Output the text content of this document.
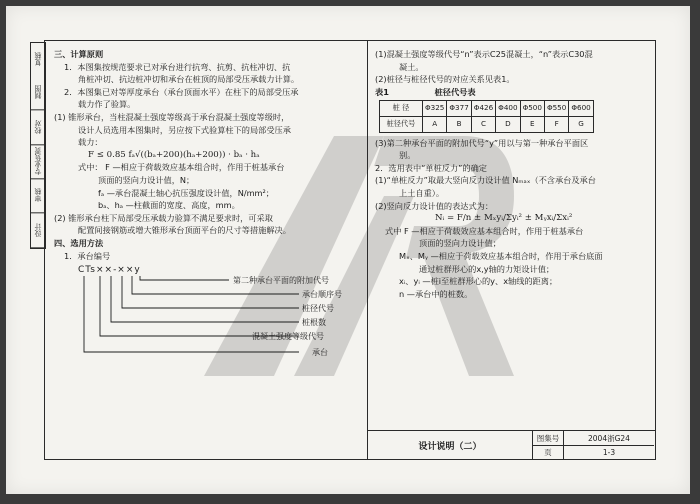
设计
审核
专业负责
校对
制图
复核	三、计算原则

1．本图集按规范要求已对承台进行抗弯、抗剪、抗柱冲切、抗

角桩冲切、抗边桩冲切和承台在桩顶的局部受压承载力计算。

2．本图集已对等厚度承台（承台顶面水平）在柱下的局部受压承

载力作了验算。

(1) 锥形承台，当柱混凝土强度等级高于承台混凝土强度等级时，

设计人员选用本图集时，另应按下式验算柱下的局部受压承

载力：

F ≤ 0.85 fₐ√((bₐ+200)(hₐ+200)) · bₐ · hₐ

式中： F —相应于荷载效应基本组合时，作用于桩基承台

顶面的竖向力设计值，N；

fₐ —承台混凝土轴心抗压强度设计值，N/mm²；

bₐ、hₐ —柱截面的宽度、高度，mm。

(2) 锥形承台柱下局部受压承载力验算不满足要求时，可采取

配置间接钢筋或增大锥形承台顶面平台的尺寸等措施解决。

四、选用方法

1．承台编号

CTs××-××y
第二种承台平面的附加代号
承台顺序号
桩径代号
桩根数
混凝土强度等级代号
承台

(1)混凝土强度等级代号“n”表示C25混凝土，“n”表示C30混

凝土。

(2)桩径与桩径代号的对应关系见表1。

表1	桩径代号表

桩 径	Φ325	Φ377	Φ426	Φ400	Φ500	Φ550	Φ600
桩径代号	A	B	C	D	E	F	G

(3)第二种承台平面的附加代号“y”用以与第一种承台平面区

别。

2．选用表中“单桩反力”的确定

(1)“单桩反力”取最大竖向反力设计值 Nₘₐₓ（不含承台及承台

上土自重）。

(2)竖向反力设计值的表达式为：

Nᵢ = F/n ± Mₓyᵢ/Σyᵢ² ± Mᵧxᵢ/Σxᵢ²

式中 F —相应于荷载效应基本组合时，作用于桩基承台

顶面的竖向力设计值；

Mₓ、Mᵧ —相应于荷载效应基本组合时，作用于承台底面

通过桩群形心的x,y轴的力矩设计值；

xᵢ、yᵢ —桩i至桩群形心的y、x轴线的距离；

n —承台中的桩数。

设计说明（二）
图集号	2004浙G24
页	1-3
